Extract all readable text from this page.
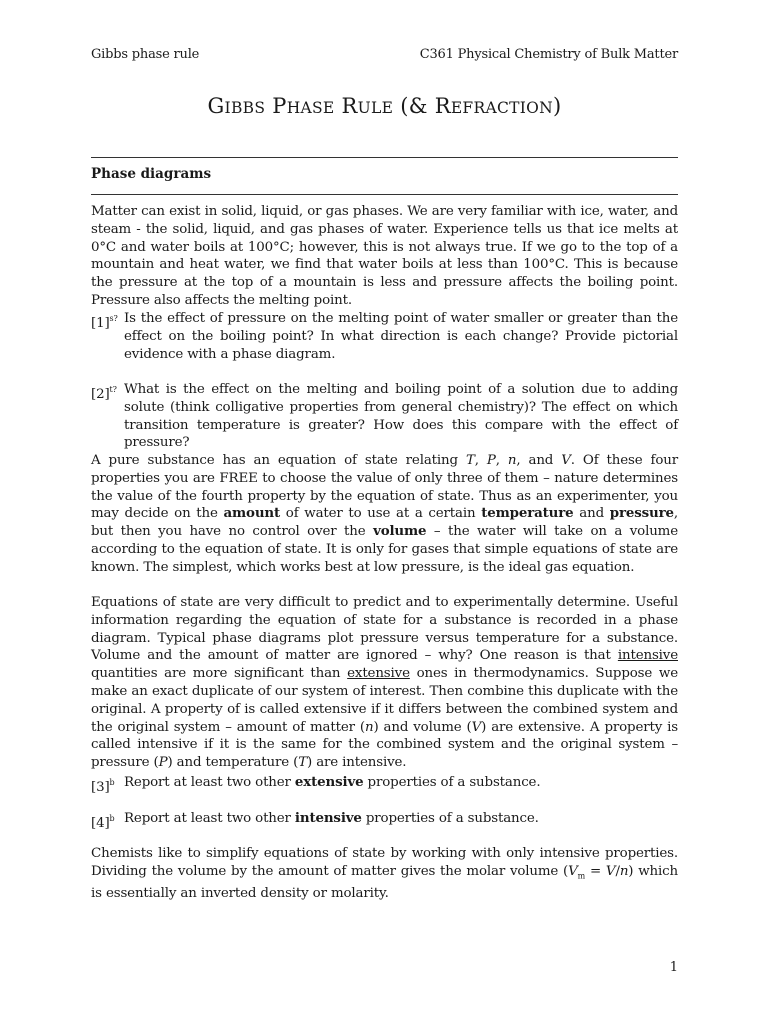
Gibbs phase rule	C361 Physical Chemistry of Bulk Matter
GIBBS PHASE RULE (& REFRACTION)
Phase diagrams
Matter can exist in solid, liquid, or gas phases. We are very familiar with ice, water, and steam - the solid, liquid, and gas phases of water. Experience tells us that ice melts at 0°C and water boils at 100°C; however, this is not always true. If we go to the top of a mountain and heat water, we find that water boils at less than 100°C. This is because the pressure at the top of a mountain is less and pressure affects the boiling point. Pressure also affects the melting point.
$[1]^{s?}$ Is the effect of pressure on the melting point of water smaller or greater than the effect on the boiling point? In what direction is each change? Provide pictorial evidence with a phase diagram.
$[2]^{t?}$ What is the effect on the melting and boiling point of a solution due to adding solute (think colligative properties from general chemistry)? The effect on which transition temperature is greater? How does this compare with the effect of pressure?
A pure substance has an equation of state relating T, P, n, and V. Of these four properties you are FREE to choose the value of only three of them – nature determines the value of the fourth property by the equation of state. Thus as an experimenter, you may decide on the amount of water to use at a certain temperature and pressure, but then you have no control over the volume – the water will take on a volume according to the equation of state. It is only for gases that simple equations of state are known. The simplest, which works best at low pressure, is the ideal gas equation.
Equations of state are very difficult to predict and to experimentally determine. Useful information regarding the equation of state for a substance is recorded in a phase diagram. Typical phase diagrams plot pressure versus temperature for a substance. Volume and the amount of matter are ignored – why? One reason is that intensive quantities are more significant than extensive ones in thermodynamics. Suppose we make an exact duplicate of our system of interest. Then combine this duplicate with the original. A property of is called extensive if it differs between the combined system and the original system – amount of matter (n) and volume (V) are extensive. A property is called intensive if it is the same for the combined system and the original system – pressure (P) and temperature (T) are intensive.
$[3]^b$ Report at least two other extensive properties of a substance.
$[4]^b$ Report at least two other intensive properties of a substance.
Chemists like to simplify equations of state by working with only intensive properties. Dividing the volume by the amount of matter gives the molar volume $(V_m = V/n)$ which is essentially an inverted density or molarity.
1
